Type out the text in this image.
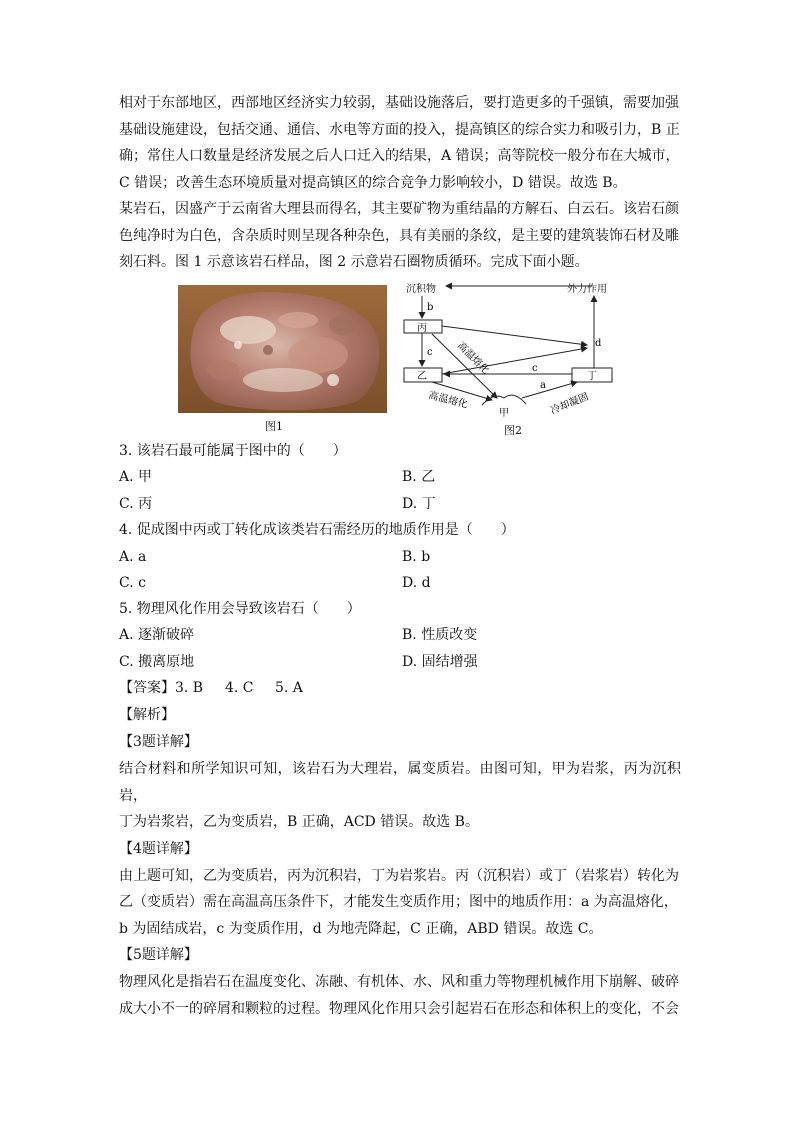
相对于东部地区，西部地区经济实力较弱，基础设施落后，要打造更多的千强镇，需要加强

基础设施建设，包括交通、通信、水电等方面的投入，提高镇区的综合实力和吸引力，B 正

确；常住人口数量是经济发展之后人口迁入的结果，A 错误；高等院校一般分布在大城市，

C 错误；改善生态环境质量对提高镇区的综合竞争力影响较小，D 错误。故选 B。

某岩石，因盛产于云南省大理县而得名，其主要矿物为重结晶的方解石、白云石。该岩石颜

色纯净时为白色，含杂质时则呈现各种杂色，具有美丽的条纹，是主要的建筑装饰石材及雕

刻石料。图 1 示意该岩石样品，图 2 示意岩石圈物质循环。完成下面小题。

图1
沉积物	外力作用
b
丙
c
乙
d
丁
c
高温熔化
高温熔化
甲
a
冷却凝固
图2

3. 该岩石最可能属于图中的（　　）

A. 甲	B. 乙
C. 丙	D. 丁

4. 促成图中丙或丁转化成该类岩石需经历的地质作用是（　　）

A. a	B. b
C. c	D. d

5. 物理风化作用会导致该岩石（　　）

A. 逐渐破碎	B. 性质改变
C. 搬离原地	D. 固结增强
【答案】3. B 4. C 5. A

【解析】

【3题详解】

结合材料和所学知识可知，该岩石为大理岩，属变质岩。由图可知，甲为岩浆，丙为沉积岩，

丁为岩浆岩，乙为变质岩，B 正确，ACD 错误。故选 B。

【4题详解】

由上题可知，乙为变质岩，丙为沉积岩，丁为岩浆岩。丙（沉积岩）或丁（岩浆岩）转化为

乙（变质岩）需在高温高压条件下，才能发生变质作用；图中的地质作用：a 为高温熔化，

b 为固结成岩，c 为变质作用，d 为地壳降起，C 正确，ABD 错误。故选 C。

【5题详解】

物理风化是指岩石在温度变化、冻融、有机体、水、风和重力等物理机械作用下崩解、破碎

成大小不一的碎屑和颗粒的过程。物理风化作用只会引起岩石在形态和体积上的变化，不会
